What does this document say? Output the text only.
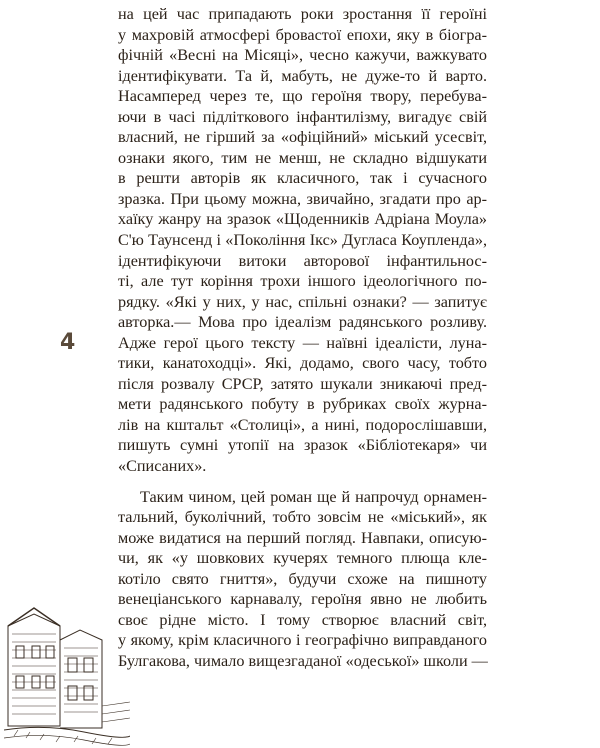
4
на цей час припадають роки зростання її героїні
у махровій атмосфері бровастої епохи, яку в біогра-
фічній «Весні на Місяці», чесно кажучи, важкувато
ідентифікувати. Та й, мабуть, не дуже-то й варто.
Насамперед через те, що героїня твору, перебува-
ючи в часі підліткового інфантилізму, вигадує свій
власний, не гірший за «офіційний» міський усесвіт,
ознаки якого, тим не менш, не складно відшукати
в решти авторів як класичного, так і сучасного
зразка. При цьому можна, звичайно, згадати про ар-
хаїку жанру на зразок «Щоденників Адріана Моула»
С'ю Таунсенд і «Покоління Ікс» Дугласа Коупленда»,
ідентифікуючи витоки авторової інфантильнос-
ті, але тут коріння трохи іншого ідеологічного по-
рядку. «Які у них, у нас, спільні ознаки? — запитує
авторка.— Мова про ідеалізм радянського розливу.
Адже герої цього тексту — наївні ідеалісти, луна-
тики, канатоходці». Які, додамо, свого часу, тобто
після розвалу СРСР, затято шукали зникаючі пред-
мети радянського побуту в рубриках своїх журна-
лів на кштальт «Столиці», а нині, подорослішавши,
пишуть сумні утопії на зразок «Бібліотекаря» чи
«Списаних».
Таким чином, цей роман ще й напрочуд орнамен-
тальний, буколічний, тобто зовсім не «міський», як
може видатися на перший погляд. Навпаки, описую-
чи, як «у шовкових кучерях темного плюща кле-
котіло свято гниття», будучи схоже на пишноту
венеціанського карнавалу, героїня явно не любить
своє рідне місто. І тому створює власний світ,
у якому, крім класичного і географічно виправданого
Булгакова, чимало вищезгаданої «одеської» школи —
